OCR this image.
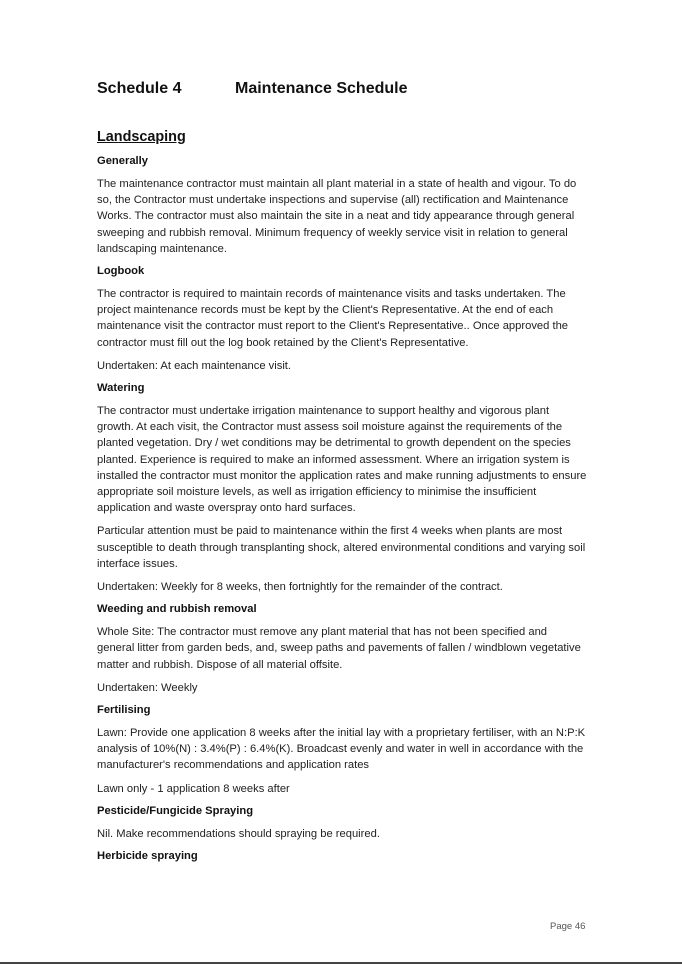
Schedule 4	Maintenance Schedule
Landscaping
Generally

The maintenance contractor must maintain all plant material in a state of health and vigour. To do so, the Contractor must undertake inspections and supervise (all) rectification and Maintenance Works. The contractor must also maintain the site in a neat and tidy appearance through general sweeping and rubbish removal. Minimum frequency of weekly service visit in relation to general landscaping maintenance.

Logbook

The contractor is required to maintain records of maintenance visits and tasks undertaken. The project maintenance records must be kept by the Client's Representative. At the end of each maintenance visit the contractor must report to the Client's Representative.. Once approved the contractor must fill out the log book retained by the Client's Representative.

Undertaken: At each maintenance visit.

Watering

The contractor must undertake irrigation maintenance to support healthy and vigorous plant growth. At each visit, the Contractor must assess soil moisture against the requirements of the planted vegetation. Dry / wet conditions may be detrimental to growth dependent on the species planted. Experience is required to make an informed assessment. Where an irrigation system is installed the contractor must monitor the application rates and make running adjustments to ensure appropriate soil moisture levels, as well as irrigation efficiency to minimise the insufficient application and waste overspray onto hard surfaces.

Particular attention must be paid to maintenance within the first 4 weeks when plants are most susceptible to death through transplanting shock, altered environmental conditions and varying soil interface issues.

Undertaken: Weekly for 8 weeks, then fortnightly for the remainder of the contract.

Weeding and rubbish removal

Whole Site: The contractor must remove any plant material that has not been specified and general litter from garden beds, and, sweep paths and pavements of fallen / windblown vegetative matter and rubbish. Dispose of all material offsite.

Undertaken: Weekly

Fertilising

Lawn: Provide one application 8 weeks after the initial lay with a proprietary fertiliser, with an N:P:K analysis of 10%(N) : 3.4%(P) : 6.4%(K). Broadcast evenly and water in well in accordance with the manufacturer's recommendations and application rates

Lawn only - 1 application 8 weeks after

Pesticide/Fungicide Spraying

Nil. Make recommendations should spraying be required.

Herbicide spraying
Page 46
